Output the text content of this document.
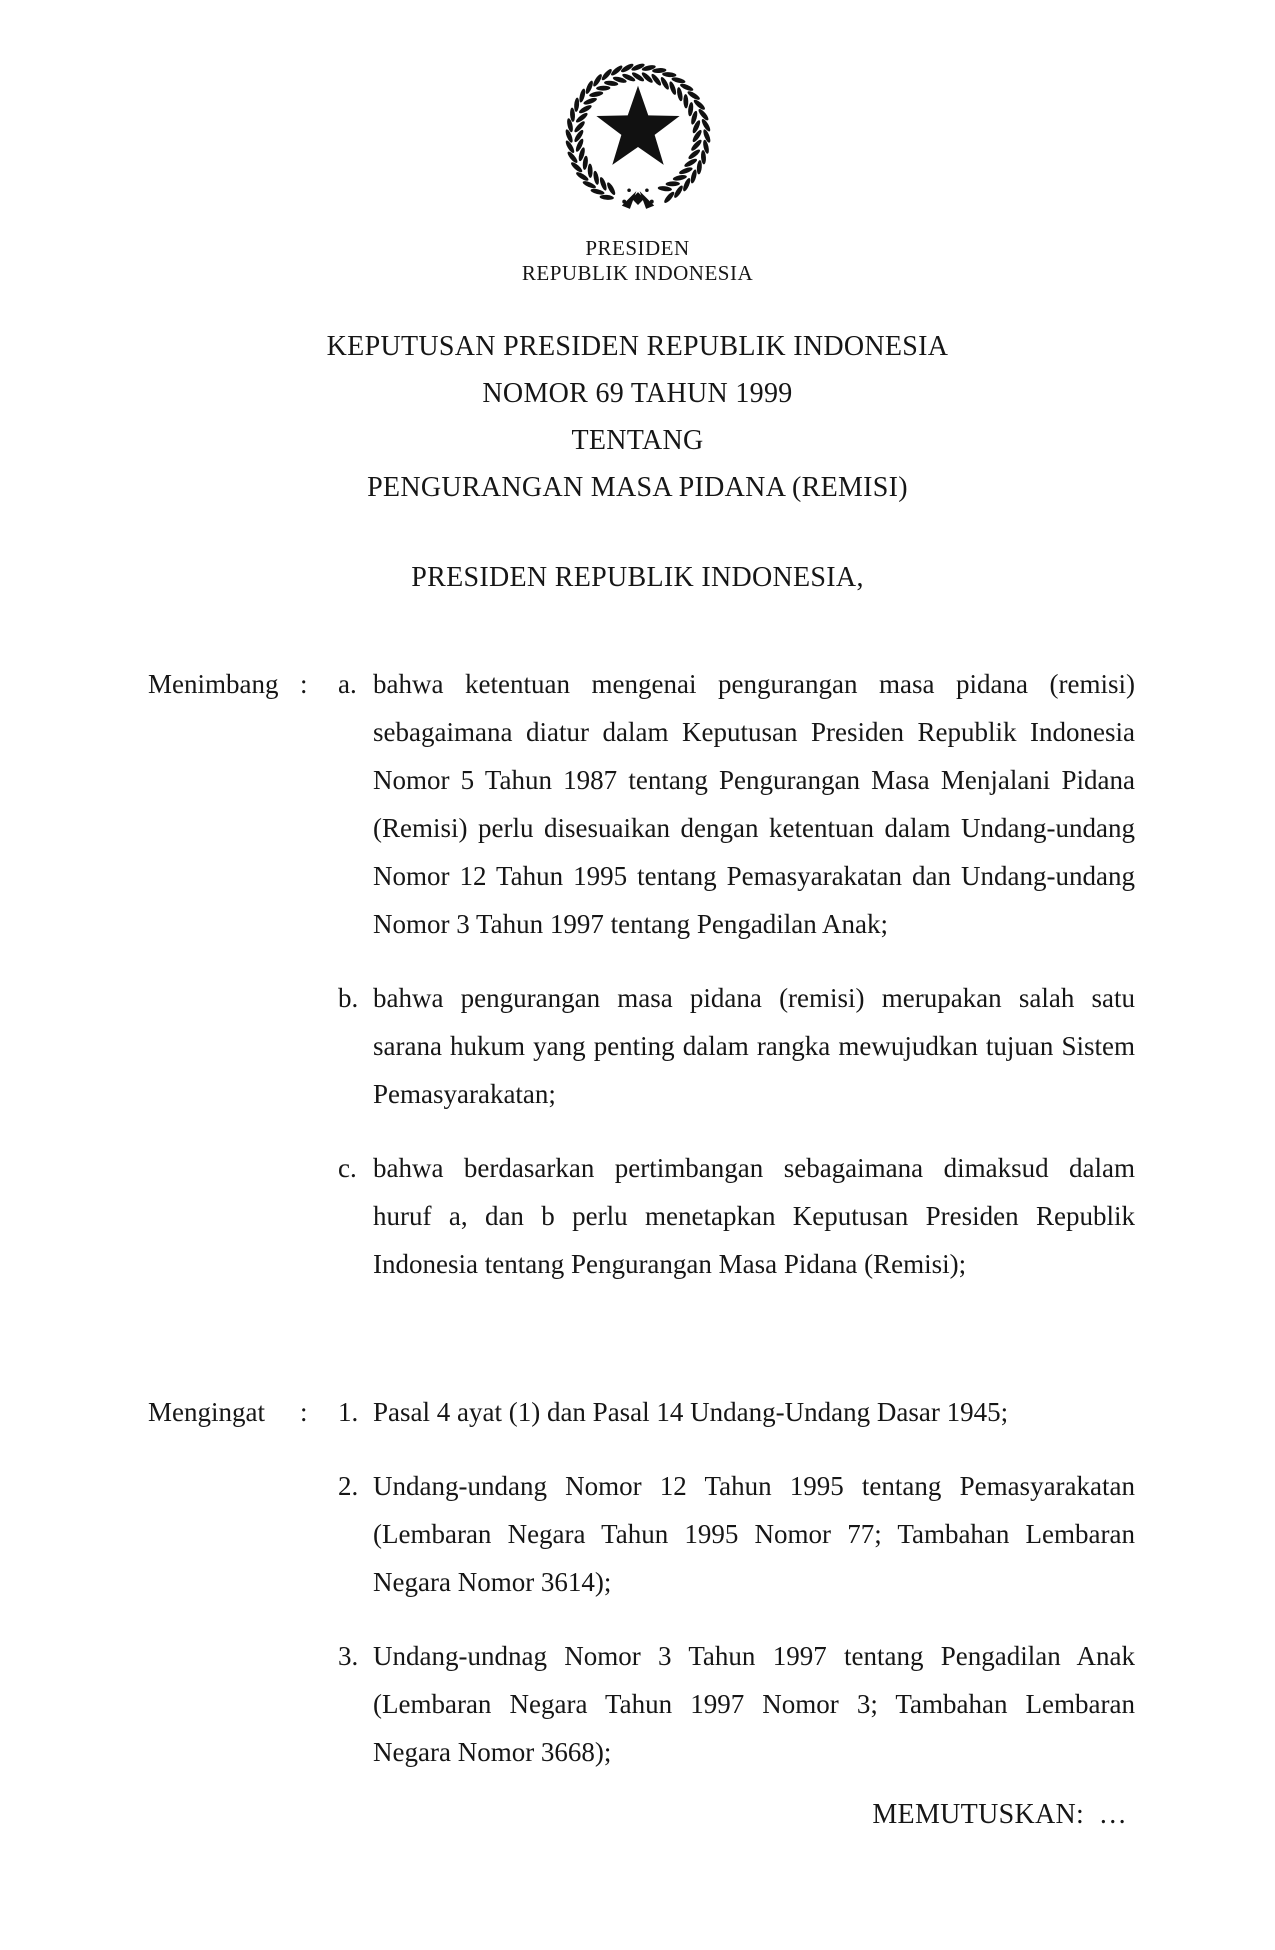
PRESIDEN
REPUBLIK INDONESIA
KEPUTUSAN PRESIDEN REPUBLIK INDONESIA
NOMOR 69 TAHUN 1999
TENTANG
PENGURANGAN MASA PIDANA (REMISI)
PRESIDEN REPUBLIK INDONESIA,
Menimbang :	a. bahwa ketentuan mengenai pengurangan masa pidana (remisi)
sebagaimana diatur dalam Keputusan Presiden Republik Indonesia
Nomor 5 Tahun 1987 tentang Pengurangan Masa Menjalani Pidana
(Remisi) perlu disesuaikan dengan ketentuan dalam Undang-undang
Nomor 12 Tahun 1995 tentang Pemasyarakatan dan Undang-undang
Nomor 3 Tahun 1997 tentang Pengadilan Anak;
b. bahwa pengurangan masa pidana (remisi) merupakan salah satu
sarana hukum yang penting dalam rangka mewujudkan tujuan Sistem
Pemasyarakatan;
c. bahwa berdasarkan pertimbangan sebagaimana dimaksud dalam
huruf a, dan b perlu menetapkan Keputusan Presiden Republik
Indonesia tentang Pengurangan Masa Pidana (Remisi);
Mengingat	:	1. Pasal 4 ayat (1) dan Pasal 14 Undang-Undang Dasar 1945;
2. Undang-undang Nomor 12 Tahun 1995 tentang Pemasyarakatan
(Lembaran Negara Tahun 1995 Nomor 77; Tambahan Lembaran
Negara Nomor 3614);
3. Undang-undnag Nomor 3 Tahun 1997 tentang Pengadilan Anak
(Lembaran Negara Tahun 1997 Nomor 3; Tambahan Lembaran
Negara Nomor 3668);
MEMUTUSKAN:  …
